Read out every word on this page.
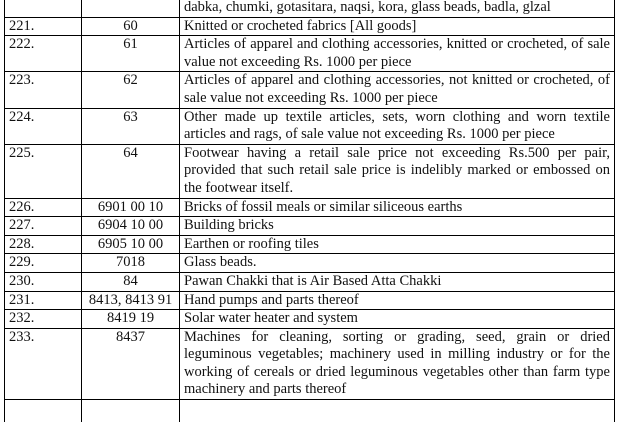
		dabka, chumki, gotasitara, naqsi, kora, glass beads, badla, glzal
221.	60	Knitted or crocheted fabrics [All goods]
222.	61	Articles of apparel and clothing accessories, knitted or crocheted, of sale value not exceeding Rs. 1000 per piece
223.	62	Articles of apparel and clothing accessories, not knitted or crocheted, of sale value not exceeding Rs. 1000 per piece
224.	63	Other made up textile articles, sets, worn clothing and worn textile articles and rags, of sale value not exceeding Rs. 1000 per piece
225.	64	Footwear having a retail sale price not exceeding Rs.500 per pair, provided that such retail sale price is indelibly marked or embossed on the footwear itself.
226.	6901 00 10	Bricks of fossil meals or similar siliceous earths
227.	6904 10 00	Building bricks
228.	6905 10 00	Earthen or roofing tiles
229.	7018	Glass beads.
230.	84	Pawan Chakki that is Air Based Atta Chakki
231.	8413, 8413 91	Hand pumps and parts thereof
232.	8419 19	Solar water heater and system
233.	8437	Machines for cleaning, sorting or grading, seed, grain or dried leguminous vegetables; machinery used in milling industry or for the working of cereals or dried leguminous vegetables other than farm type machinery and parts thereof
